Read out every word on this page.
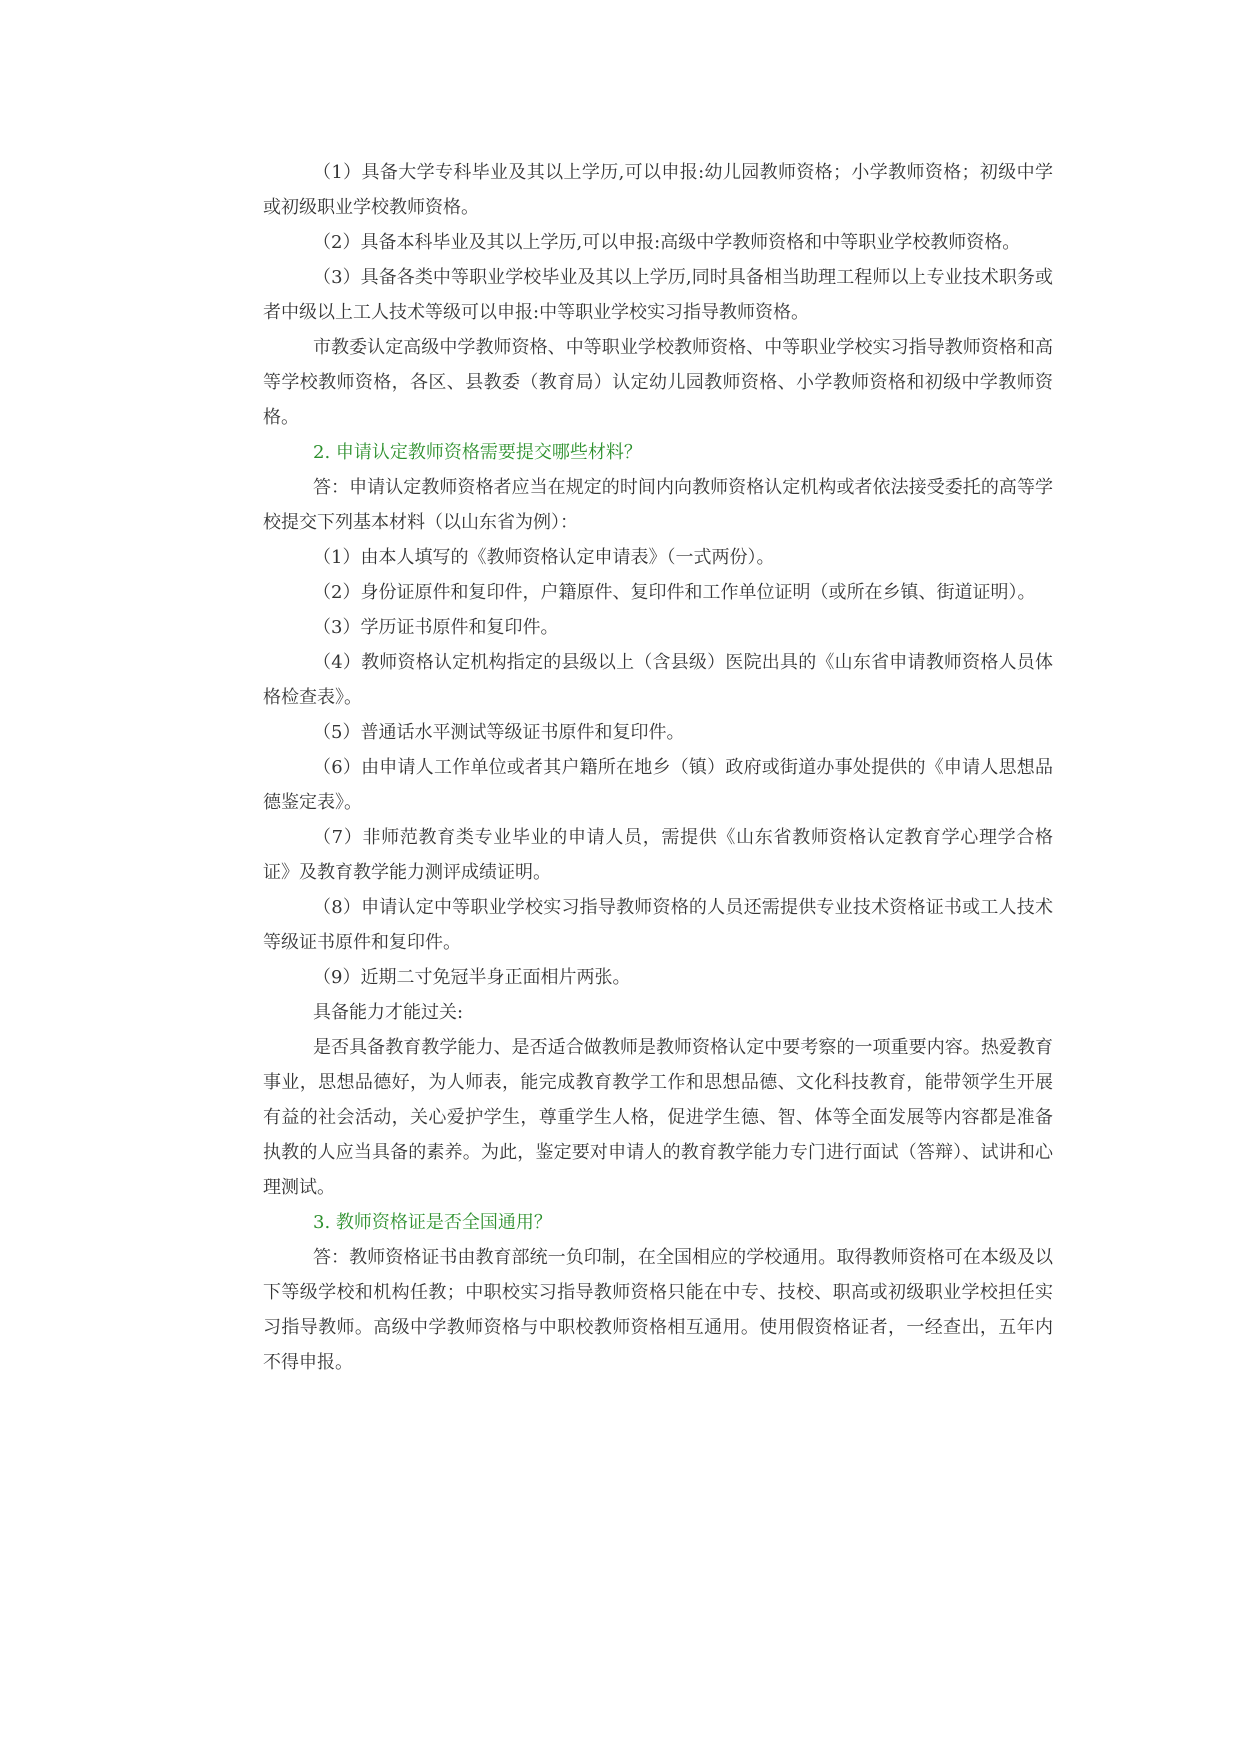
（1）具备大学专科毕业及其以上学历,可以申报:幼儿园教师资格；小学教师资格；初级中学或初级职业学校教师资格。

（2）具备本科毕业及其以上学历,可以申报:高级中学教师资格和中等职业学校教师资格。

（3）具备各类中等职业学校毕业及其以上学历,同时具备相当助理工程师以上专业技术职务或者中级以上工人技术等级可以申报:中等职业学校实习指导教师资格。

市教委认定高级中学教师资格、中等职业学校教师资格、中等职业学校实习指导教师资格和高等学校教师资格，各区、县教委（教育局）认定幼儿园教师资格、小学教师资格和初级中学教师资格。

2. 申请认定教师资格需要提交哪些材料？

答：申请认定教师资格者应当在规定的时间内向教师资格认定机构或者依法接受委托的高等学校提交下列基本材料（以山东省为例）：

（1）由本人填写的《教师资格认定申请表》（一式两份）。

（2）身份证原件和复印件，户籍原件、复印件和工作单位证明（或所在乡镇、街道证明）。

（3）学历证书原件和复印件。

（4）教师资格认定机构指定的县级以上（含县级）医院出具的《山东省申请教师资格人员体格检查表》。

（5）普通话水平测试等级证书原件和复印件。

（6）由申请人工作单位或者其户籍所在地乡（镇）政府或街道办事处提供的《申请人思想品德鉴定表》。

（7）非师范教育类专业毕业的申请人员，需提供《山东省教师资格认定教育学心理学合格证》及教育教学能力测评成绩证明。

（8）申请认定中等职业学校实习指导教师资格的人员还需提供专业技术资格证书或工人技术等级证书原件和复印件。

（9）近期二寸免冠半身正面相片两张。

具备能力才能过关:

是否具备教育教学能力、是否适合做教师是教师资格认定中要考察的一项重要内容。热爱教育事业，思想品德好，为人师表，能完成教育教学工作和思想品德、文化科技教育，能带领学生开展有益的社会活动，关心爱护学生，尊重学生人格，促进学生德、智、体等全面发展等内容都是准备执教的人应当具备的素养。为此，鉴定要对申请人的教育教学能力专门进行面试（答辩）、试讲和心理测试。

3. 教师资格证是否全国通用？

答：教师资格证书由教育部统一负印制，在全国相应的学校通用。取得教师资格可在本级及以下等级学校和机构任教；中职校实习指导教师资格只能在中专、技校、职高或初级职业学校担任实习指导教师。高级中学教师资格与中职校教师资格相互通用。使用假资格证者，一经查出，五年内不得申报。
